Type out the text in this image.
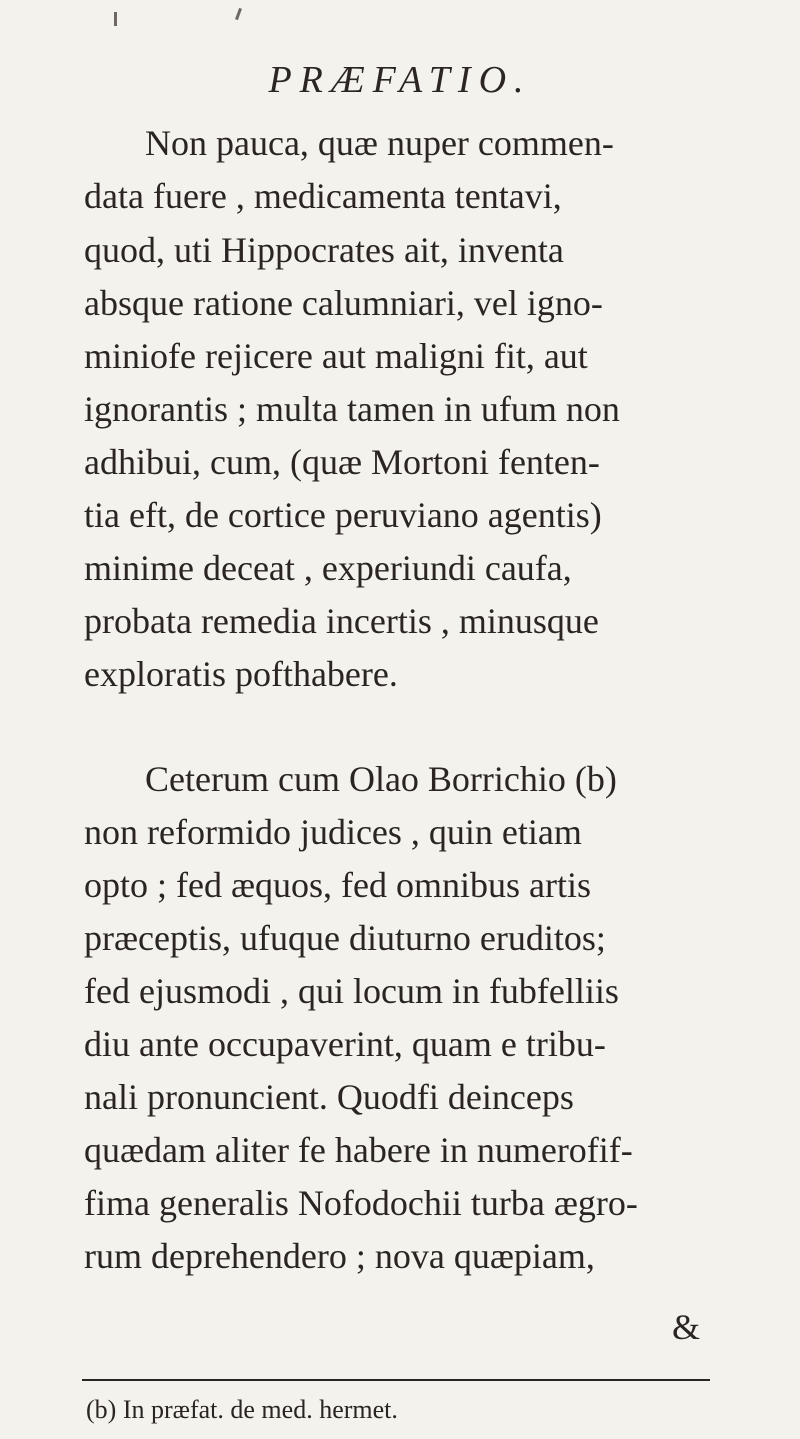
PRÆFATIO.
Non pauca, quæ nuper commen-
data fuere , medicamenta tentavi,
quod, uti Hippocrates ait, inventa
absque ratione calumniari, vel igno-
miniofe rejicere aut maligni fit, aut
ignorantis ; multa tamen in ufum non
adhibui, cum, (quæ Mortoni fenten-
tia eft, de cortice peruviano agentis)
minime deceat , experiundi caufa,
probata remedia incertis , minusque
exploratis pofthabere.
Ceterum cum Olao Borrichio (b)
non reformido judices , quin etiam
opto ; fed æquos, fed omnibus artis
præceptis, ufuque diuturno eruditos;
fed ejusmodi , qui locum in fubfelliis
diu ante occupaverint, quam e tribu-
nali pronuncient. Quodfi deinceps
quædam aliter fe habere in numerofif-
fima generalis Nofodochii turba ægro-
rum deprehendero ; nova quæpiam,
&
(b) In præfat. de med. hermet.
